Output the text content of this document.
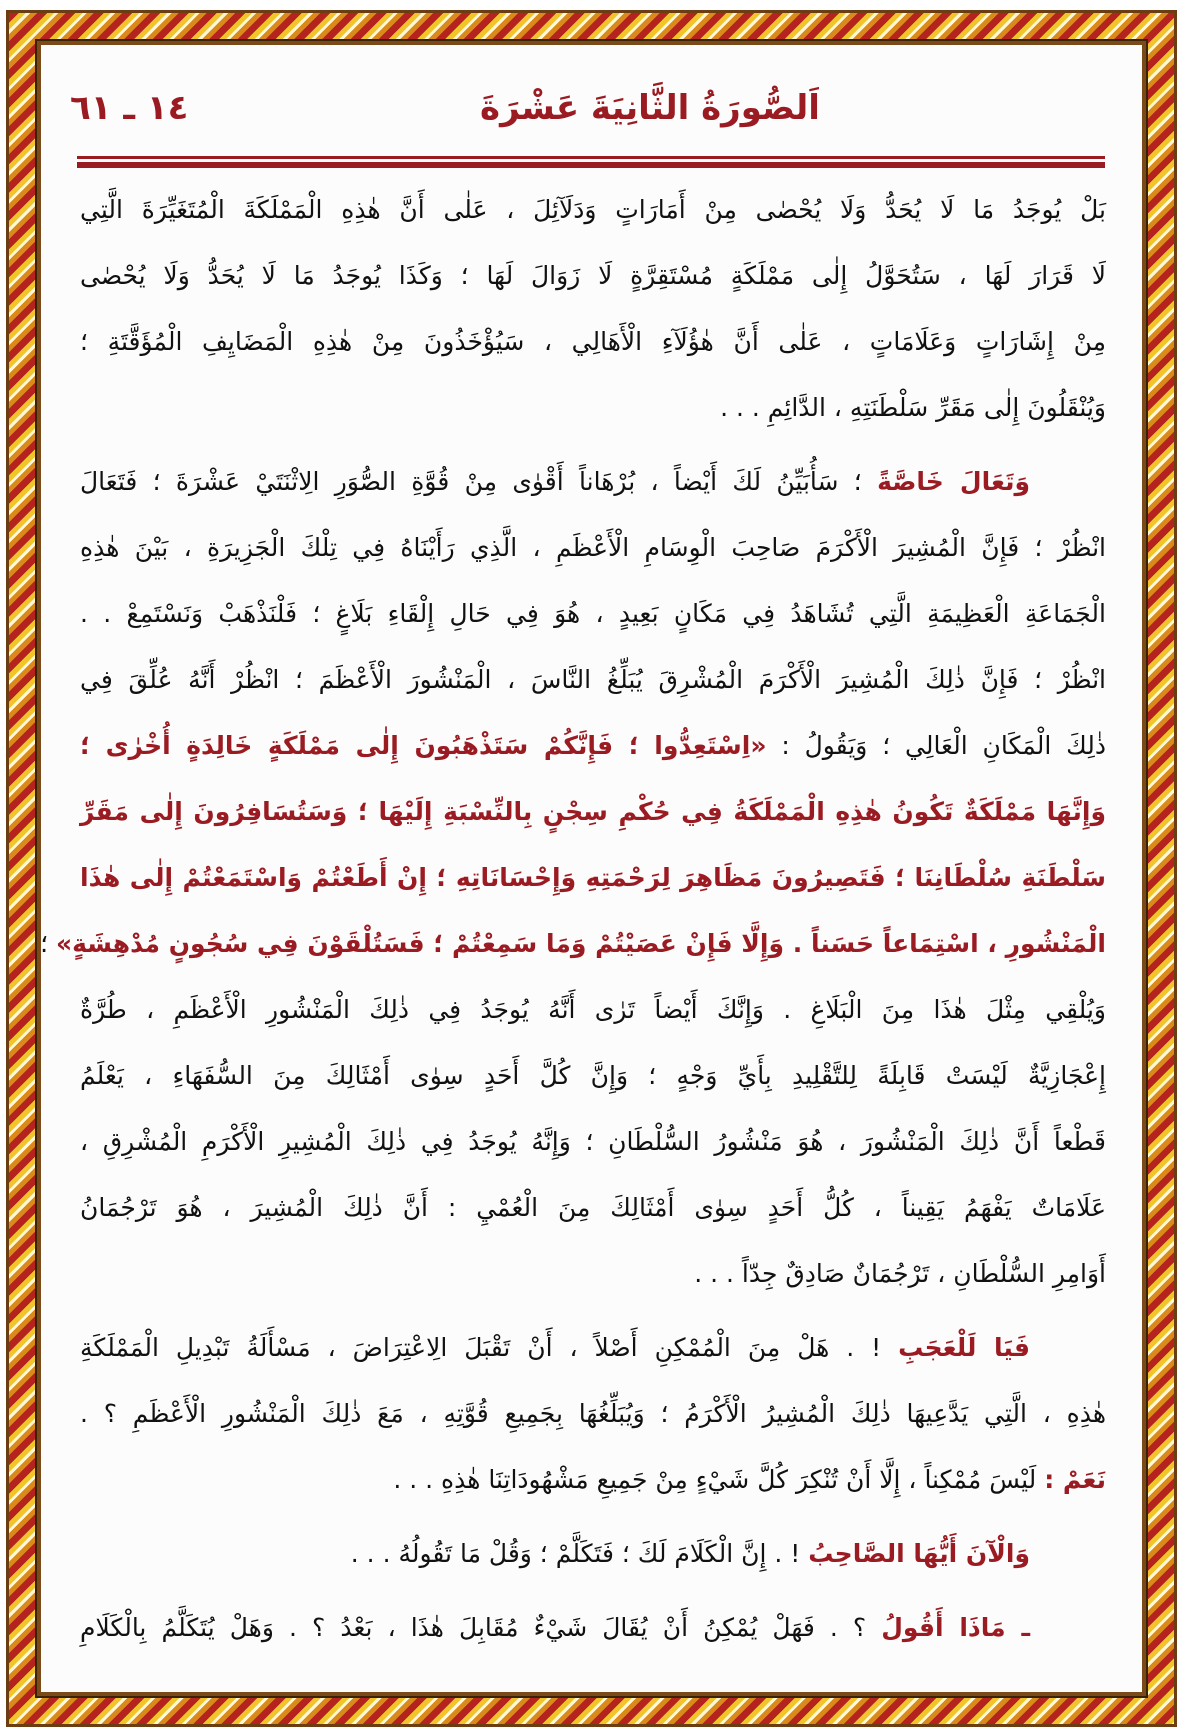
اَلصُّورَةُ الثَّانِيَةَ عَشْرَةَ
١٤ ـ ٦١
بَلْ يُوجَدُ مَا لَا يُحَدُّ وَلَا يُحْصٰى مِنْ أَمَارَاتٍ وَدَلَآئِلَ ، عَلٰى أَنَّ هٰذِهِ الْمَمْلَكَةَ الْمُتَغَيِّرَةَ الَّتِي
لَا قَرَارَ لَهَا ، سَتُحَوَّلُ إِلٰى مَمْلَكَةٍ مُسْتَقِرَّةٍ لَا زَوَالَ لَهَا ؛ وَكَذَا يُوجَدُ مَا لَا يُحَدُّ وَلَا يُحْصٰى
مِنْ إِشَارَاتٍ وَعَلَامَاتٍ ، عَلٰى أَنَّ هٰؤُلَآءِ الْأَهَالِي ، سَيُؤْخَذُونَ مِنْ هٰذِهِ الْمَضَايِفِ الْمُؤَقَّتَةِ ؛
وَيُنْقَلُونَ إِلٰى مَقَرِّ سَلْطَنَتِهِ ، الدَّائِمِ . . .
وَتَعَالَ خَاصَّةً ؛ سَأُبَيِّنُ لَكَ أَيْضاً ، بُرْهَاناً أَقْوٰى مِنْ قُوَّةِ الصُّوَرِ الِاثْنَتَيْ عَشْرَةَ ؛ فَتَعَالَ
انْظُرْ ؛ فَإِنَّ الْمُشِيرَ الْأَكْرَمَ صَاحِبَ الْوِسَامِ الْأَعْظَمِ ، الَّذِي رَأَيْنَاهُ فِي تِلْكَ الْجَزِيرَةِ ، بَيْنَ هٰذِهِ
الْجَمَاعَةِ الْعَظِيمَةِ الَّتِي تُشَاهَدُ فِي مَكَانٍ بَعِيدٍ ، هُوَ فِي حَالِ إِلْقَاءِ بَلَاغٍ ؛ فَلْنَذْهَبْ وَنَسْتَمِعْ . .
انْظُرْ ؛ فَإِنَّ ذٰلِكَ الْمُشِيرَ الْأَكْرَمَ الْمُشْرِقَ يُبَلِّغُ النَّاسَ ، الْمَنْشُورَ الْأَعْظَمَ ؛ انْظُرْ أَنَّهُ عُلِّقَ فِي
ذٰلِكَ الْمَكَانِ الْعَالِي ؛ وَيَقُولُ : «اِسْتَعِدُّوا ؛ فَإِنَّكُمْ سَتَذْهَبُونَ إِلٰى مَمْلَكَةٍ خَالِدَةٍ أُخْرٰى ؛
وَإِنَّهَا مَمْلَكَةٌ تَكُونُ هٰذِهِ الْمَمْلَكَةُ فِي حُكْمِ سِجْنٍ بِالنِّسْبَةِ إِلَيْهَا ؛ وَسَتُسَافِرُونَ إِلٰى مَقَرِّ
سَلْطَنَةِ سُلْطَانِنَا ؛ فَتَصِيرُونَ مَظَاهِرَ لِرَحْمَتِهِ وَإِحْسَانَاتِهِ ؛ إِنْ أَطَعْتُمْ وَاسْتَمَعْتُمْ إِلٰى هٰذَا
الْمَنْشُورِ ، اسْتِمَاعاً حَسَناً . وَإِلَّا فَإِنْ عَصَيْتُمْ وَمَا سَمِعْتُمْ ؛ فَسَتُلْقَوْنَ فِي سُجُونٍ مُدْهِشَةٍ» ؛
وَيُلْقِي مِثْلَ هٰذَا مِنَ الْبَلَاغِ . وَإِنَّكَ أَيْضاً تَرٰى أَنَّهُ يُوجَدُ فِي ذٰلِكَ الْمَنْشُورِ الْأَعْظَمِ ، طُرَّةٌ
إِعْجَازِيَّةٌ لَيْسَتْ قَابِلَةً لِلتَّقْلِيدِ بِأَيِّ وَجْهٍ ؛ وَإِنَّ كُلَّ أَحَدٍ سِوٰى أَمْثَالِكَ مِنَ السُّفَهَاءِ ، يَعْلَمُ
قَطْعاً أَنَّ ذٰلِكَ الْمَنْشُورَ ، هُوَ مَنْشُورُ السُّلْطَانِ ؛ وَإِنَّهُ يُوجَدُ فِي ذٰلِكَ الْمُشِيرِ الْأَكْرَمِ الْمُشْرِقِ ،
عَلَامَاتٌ يَفْهَمُ يَقِيناً ، كُلُّ أَحَدٍ سِوٰى أَمْثَالِكَ مِنَ الْعُمْيِ : أَنَّ ذٰلِكَ الْمُشِيرَ ، هُوَ تَرْجُمَانُ
أَوَامِرِ السُّلْطَانِ ، تَرْجُمَانٌ صَادِقٌ جِدّاً . . .
فَيَا لَلْعَجَبِ ! . هَلْ مِنَ الْمُمْكِنِ أَصْلاً ، أَنْ تَقْبَلَ الِاعْتِرَاضَ ، مَسْأَلَةُ تَبْدِيلِ الْمَمْلَكَةِ
هٰذِهِ ، الَّتِي يَدَّعِيهَا ذٰلِكَ الْمُشِيرُ الْأَكْرَمُ ؛ وَيُبَلِّغُهَا بِجَمِيعِ قُوَّتِهِ ، مَعَ ذٰلِكَ الْمَنْشُورِ الْأَعْظَمِ ؟ .
نَعَمْ : لَيْسَ مُمْكِناً ، إِلَّا أَنْ تُنْكِرَ كُلَّ شَيْءٍ مِنْ جَمِيعِ مَشْهُودَاتِنَا هٰذِهِ . . .
وَالْآنَ أَيُّهَا الصَّاحِبُ ! . إِنَّ الْكَلَامَ لَكَ ؛ فَتَكَلَّمْ ؛ وَقُلْ مَا تَقُولُهُ . . .
ـ مَاذَا أَقُولُ ؟ . فَهَلْ يُمْكِنُ أَنْ يُقَالَ شَيْءٌ مُقَابِلَ هٰذَا ، بَعْدُ ؟ . وَهَلْ يُتَكَلَّمُ بِالْكَلَامِ
